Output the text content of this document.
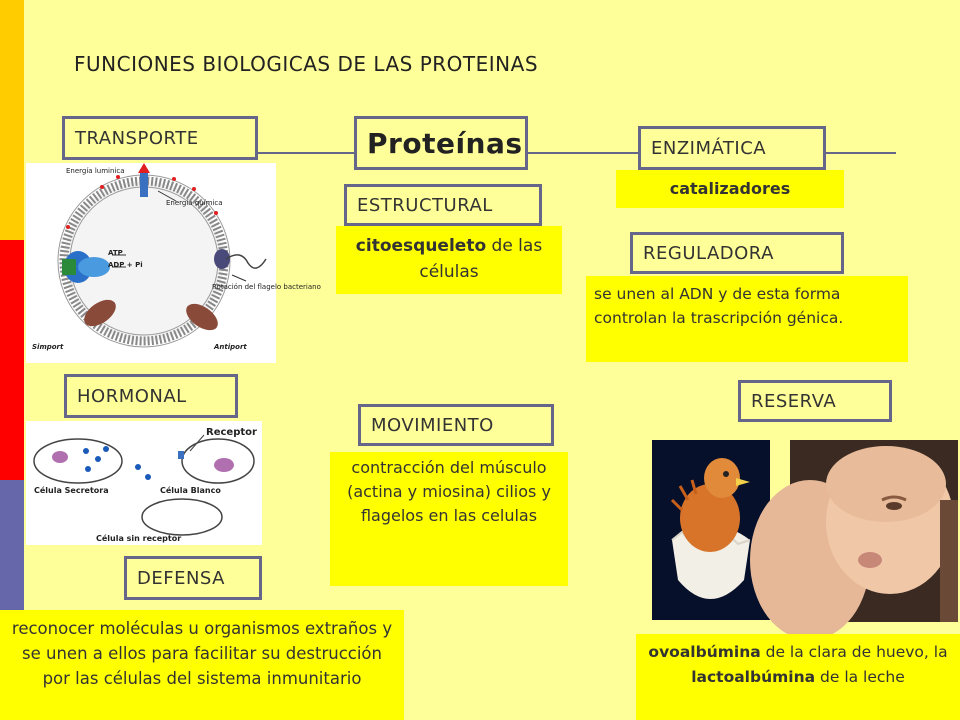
FUNCIONES BIOLOGICAS DE LAS PROTEINAS
Proteínas
TRANSPORTE
Energía luminica
Energía química
ATP
ADP + Pi
Rotación del flagelo bacteriano
Simport	Antiport
ENZIMÁTICA
catalizadores
ESTRUCTURAL
citoesqueleto de las células
REGULADORA
se unen al ADN y de esta forma controlan la trascripción génica.
HORMONAL
Receptor
Célula Secretora	Célula Blanco
Célula sin receptor
MOVIMIENTO
contracción del músculo (actina y miosina) cilios y flagelos en las celulas
RESERVA
ovoalbúmina de la clara de huevo, la lactoalbúmina de la leche
DEFENSA
reconocer moléculas u organismos extraños y se unen a ellos para facilitar su destrucción por las células del sistema inmunitario
